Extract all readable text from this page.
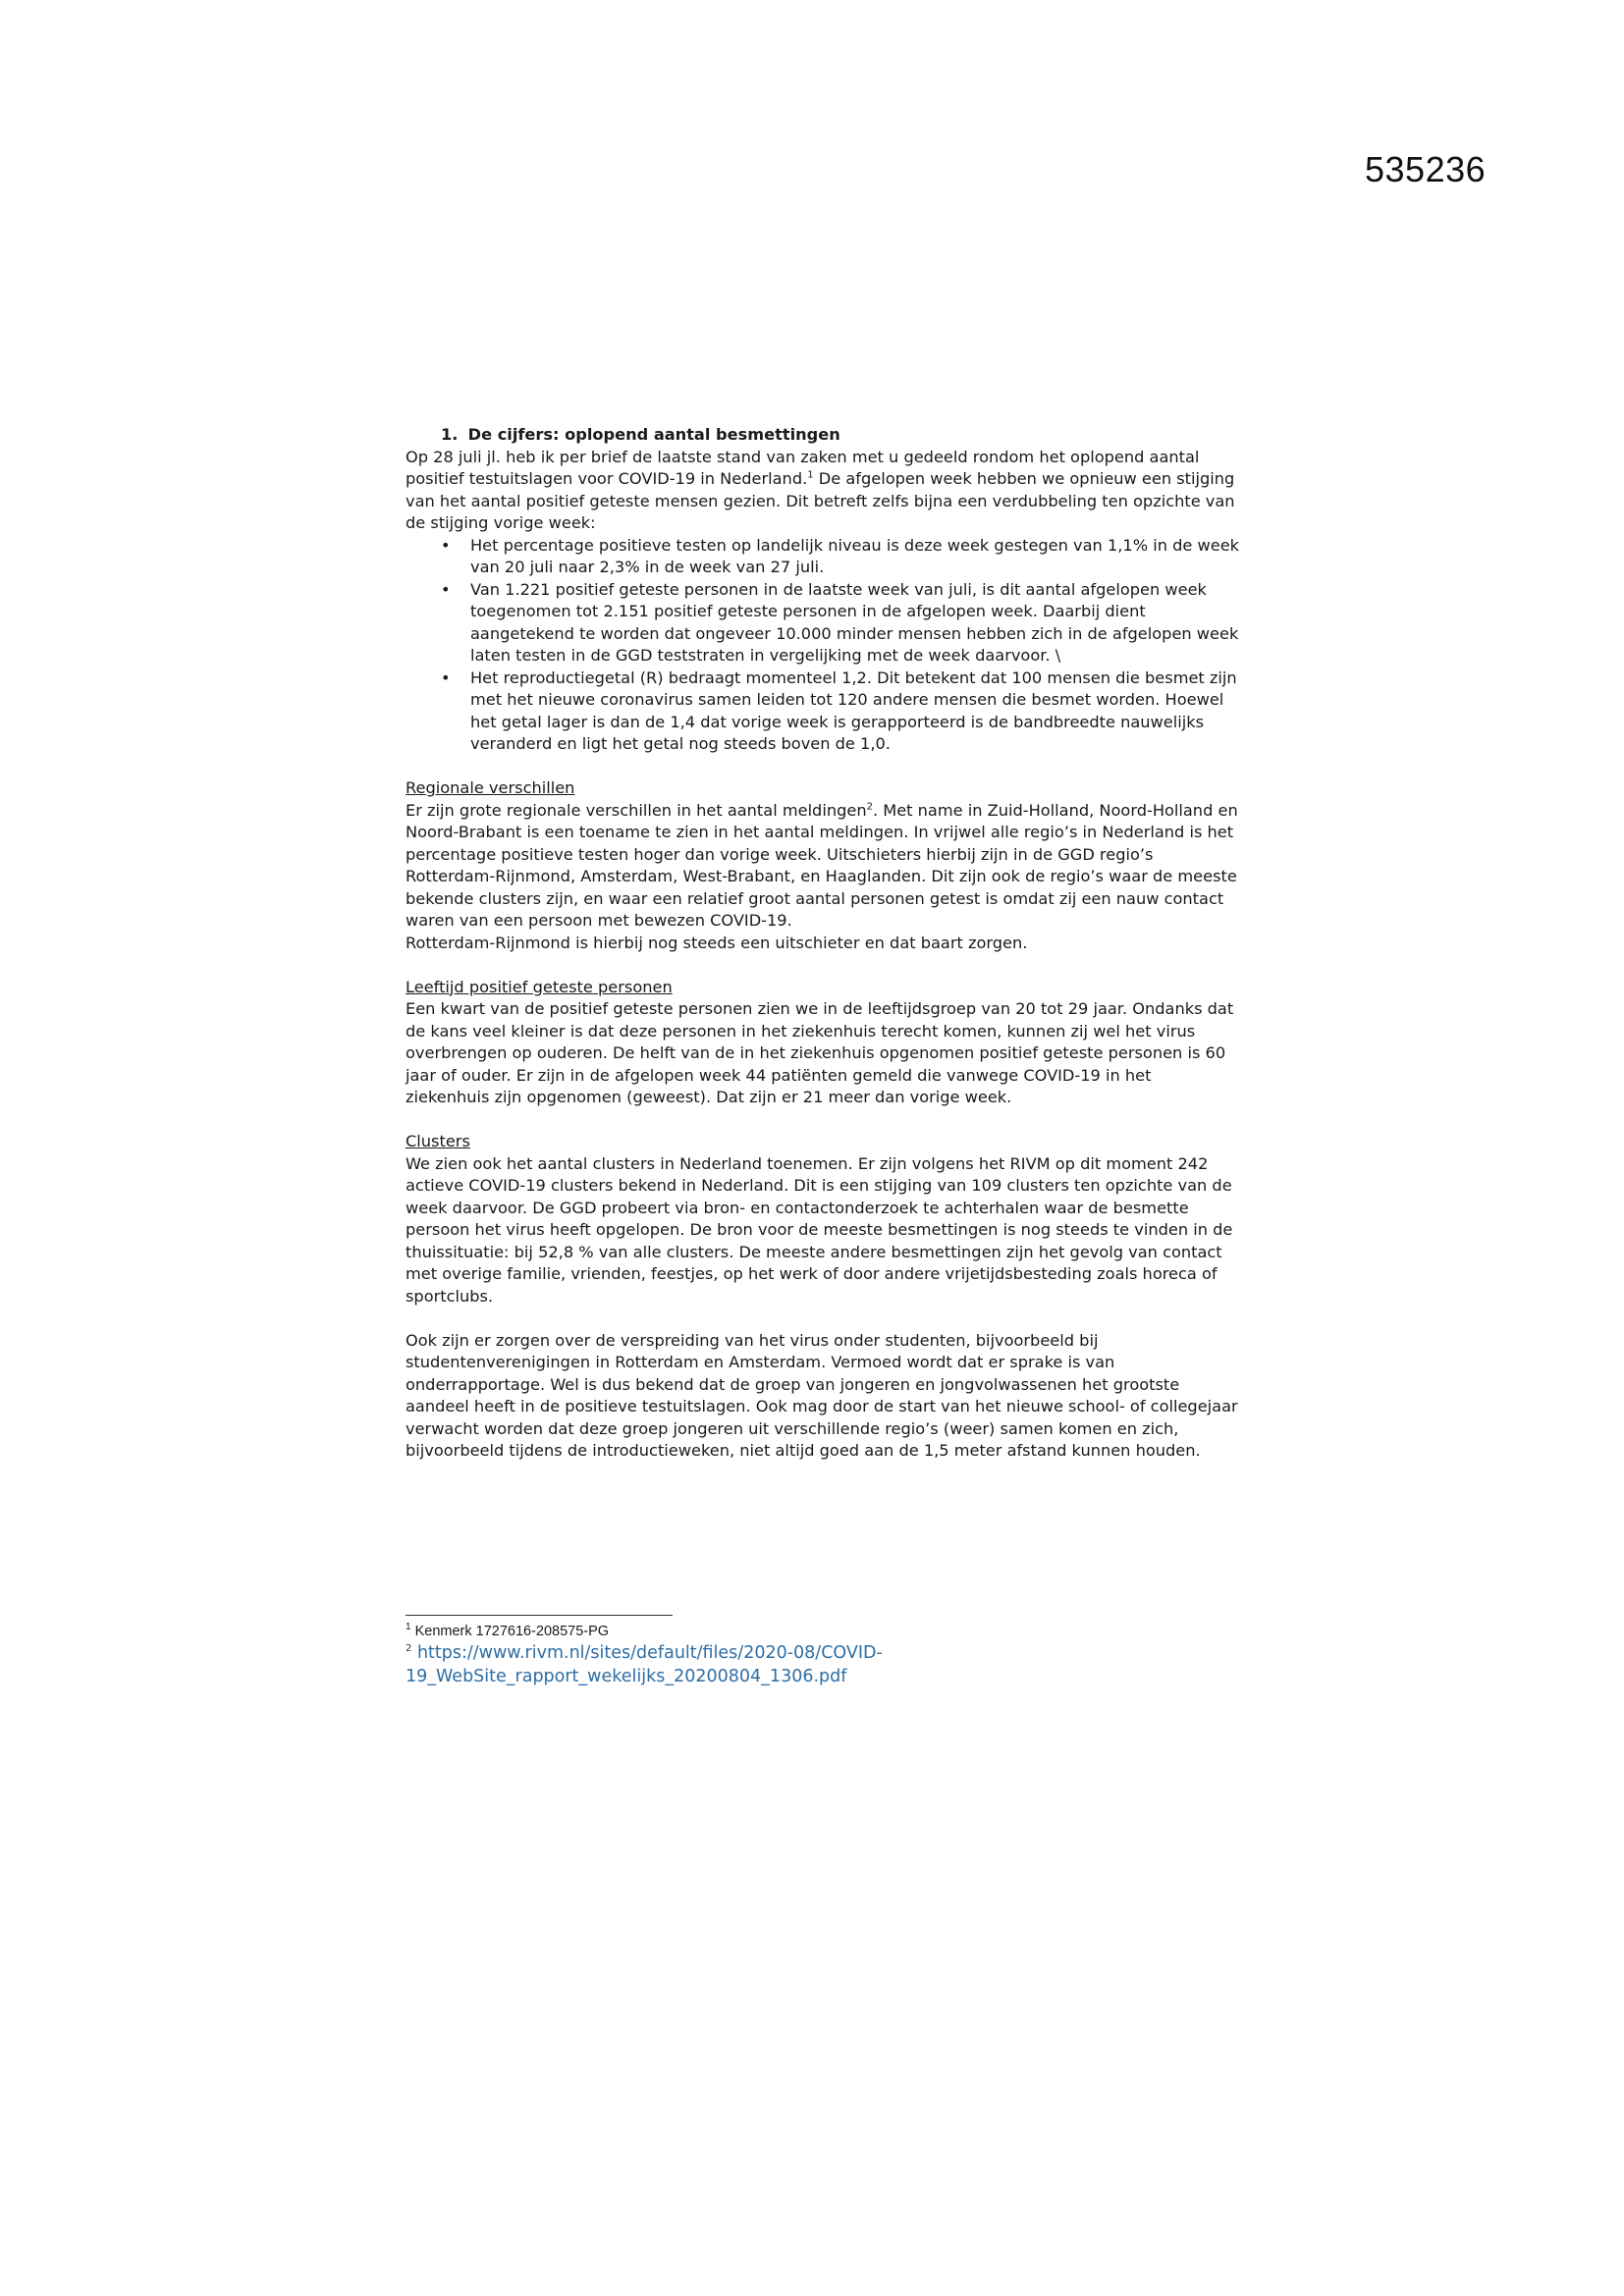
535236
1. De cijfers: oplopend aantal besmettingen

Op 28 juli jl. heb ik per brief de laatste stand van zaken met u gedeeld rondom het oplopend aantal positief testuitslagen voor COVID-19 in Nederland.$^1$ De afgelopen week hebben we opnieuw een stijging van het aantal positief geteste mensen gezien. Dit betreft zelfs bijna een verdubbeling ten opzichte van de stijging vorige week:

• Het percentage positieve testen op landelijk niveau is deze week gestegen van 1,1% in de week van 20 juli naar 2,3% in de week van 27 juli.
• Van 1.221 positief geteste personen in de laatste week van juli, is dit aantal afgelopen week toegenomen tot 2.151 positief geteste personen in de afgelopen week. Daarbij dient aangetekend te worden dat ongeveer 10.000 minder mensen hebben zich in de afgelopen week laten testen in de GGD teststraten in vergelijking met de week daarvoor. \
• Het reproductiegetal (R) bedraagt momenteel 1,2. Dit betekent dat 100 mensen die besmet zijn met het nieuwe coronavirus samen leiden tot 120 andere mensen die besmet worden. Hoewel het getal lager is dan de 1,4 dat vorige week is gerapporteerd is de bandbreedte nauwelijks veranderd en ligt het getal nog steeds boven de 1,0.
Regionale verschillen

Er zijn grote regionale verschillen in het aantal meldingen$^2$. Met name in Zuid-Holland, Noord-Holland en Noord-Brabant is een toename te zien in het aantal meldingen. In vrijwel alle regio’s in Nederland is het percentage positieve testen hoger dan vorige week. Uitschieters hierbij zijn in de GGD regio’s Rotterdam-Rijnmond, Amsterdam, West-Brabant, en Haaglanden. Dit zijn ook de regio’s waar de meeste bekende clusters zijn, en waar een relatief groot aantal personen getest is omdat zij een nauw contact waren van een persoon met bewezen COVID-19.

Rotterdam-Rijnmond is hierbij nog steeds een uitschieter en dat baart zorgen.

Leeftijd positief geteste personen

Een kwart van de positief geteste personen zien we in de leeftijdsgroep van 20 tot 29 jaar. Ondanks dat de kans veel kleiner is dat deze personen in het ziekenhuis terecht komen, kunnen zij wel het virus overbrengen op ouderen. De helft van de in het ziekenhuis opgenomen positief geteste personen is 60 jaar of ouder. Er zijn in de afgelopen week 44 patiënten gemeld die vanwege COVID-19 in het ziekenhuis zijn opgenomen (geweest). Dat zijn er 21 meer dan vorige week.

Clusters

We zien ook het aantal clusters in Nederland toenemen. Er zijn volgens het RIVM op dit moment 242 actieve COVID-19 clusters bekend in Nederland. Dit is een stijging van 109 clusters ten opzichte van de week daarvoor. De GGD probeert via bron- en contactonderzoek te achterhalen waar de besmette persoon het virus heeft opgelopen. De bron voor de meeste besmettingen is nog steeds te vinden in de thuissituatie: bij 52,8 % van alle clusters. De meeste andere besmettingen zijn het gevolg van contact met overige familie, vrienden, feestjes, op het werk of door andere vrijetijdsbesteding zoals horeca of sportclubs.

Ook zijn er zorgen over de verspreiding van het virus onder studenten, bijvoorbeeld bij studentenverenigingen in Rotterdam en Amsterdam. Vermoed wordt dat er sprake is van onderrapportage. Wel is dus bekend dat de groep van jongeren en jongvolwassenen het grootste aandeel heeft in de positieve testuitslagen. Ook mag door de start van het nieuwe school- of collegejaar verwacht worden dat deze groep jongeren uit verschillende regio’s (weer) samen komen en zich, bijvoorbeeld tijdens de introductieweken, niet altijd goed aan de 1,5 meter afstand kunnen houden.

$^1$ Kenmerk 1727616-208575-PG
$^2$ https://www.rivm.nl/sites/default/files/2020-08/COVID-
19_WebSite_rapport_wekelijks_20200804_1306.pdf
